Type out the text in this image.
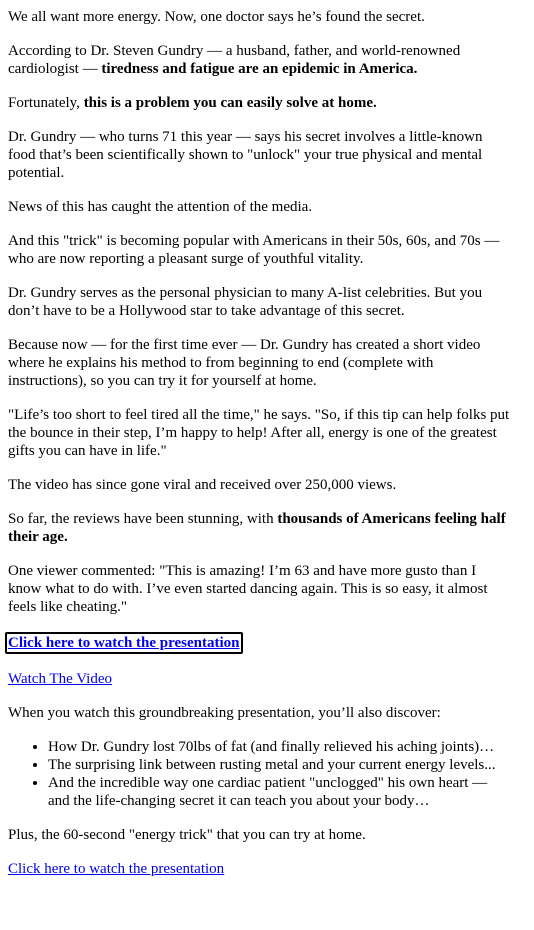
We all want more energy. Now, one doctor says he’s found the secret.

According to Dr. Steven Gundry — a husband, father, and world-renowned cardiologist — tiredness and fatigue are an epidemic in America.

Fortunately, this is a problem you can easily solve at home.

Dr. Gundry — who turns 71 this year — says his secret involves a little-known food that’s been scientifically shown to "unlock" your true physical and mental potential.

News of this has caught the attention of the media.

And this "trick" is becoming popular with Americans in their 50s, 60s, and 70s — who are now reporting a pleasant surge of youthful vitality.

Dr. Gundry serves as the personal physician to many A-list celebrities. But you don’t have to be a Hollywood star to take advantage of this secret.

Because now — for the first time ever — Dr. Gundry has created a short video where he explains his method to from beginning to end (complete with instructions), so you can try it for yourself at home.

"Life’s too short to feel tired all the time," he says. "So, if this tip can help folks put the bounce in their step, I’m happy to help! After all, energy is one of the greatest gifts you can have in life."

The video has since gone viral and received over 250,000 views.

So far, the reviews have been stunning, with thousands of Americans feeling half their age.

One viewer commented: "This is amazing! I’m 63 and have more gusto than I know what to do with. I’ve even started dancing again. This is so easy, it almost feels like cheating."

Click here to watch the presentation

Watch The Video

When you watch this groundbreaking presentation, you’ll also discover:

• How Dr. Gundry lost 70lbs of fat (and finally relieved his aching joints)…
• The surprising link between rusting metal and your current energy levels...
• And the incredible way one cardiac patient "unclogged" his own heart — and the life-changing secret it can teach you about your body…

Plus, the 60-second "energy trick" that you can try at home.

Click here to watch the presentation
